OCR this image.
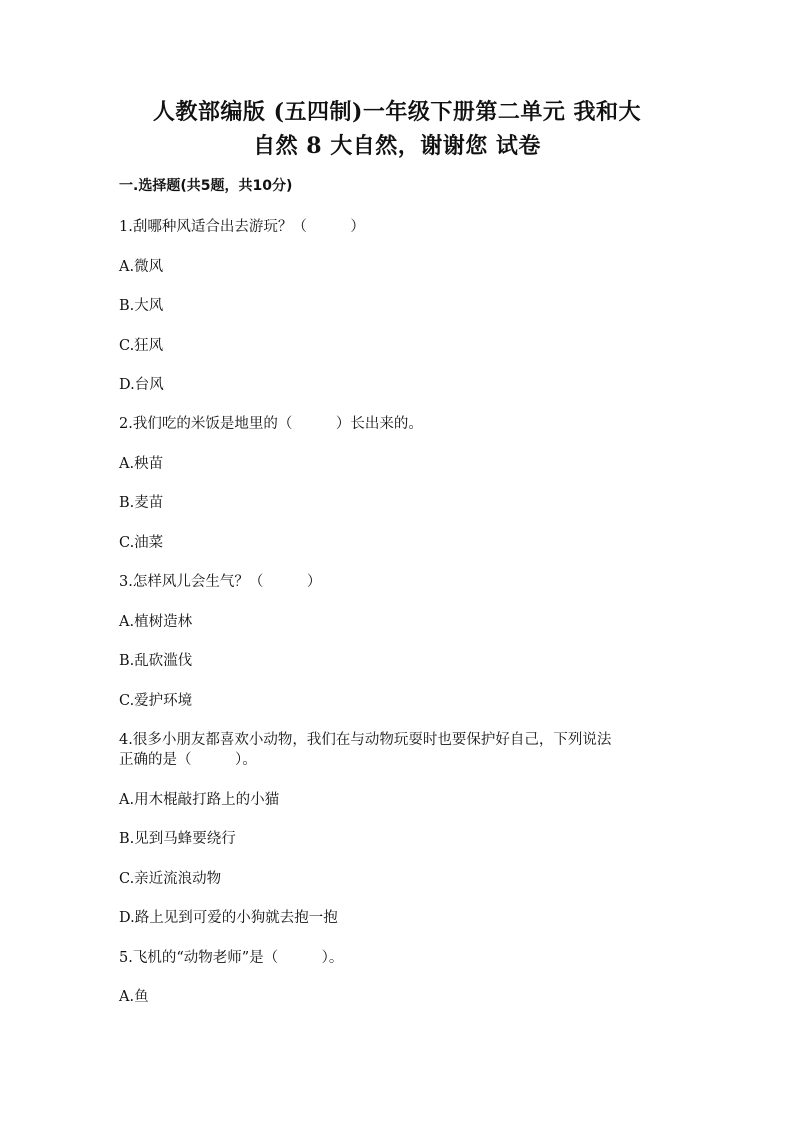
人教部编版 (五四制)一年级下册第二单元 我和大
自然 8 大自然，谢谢您 试卷
一.选择题(共5题，共10分)
1.刮哪种风适合出去游玩？（　　　）
A.微风
B.大风
C.狂风
D.台风
2.我们吃的米饭是地里的（　　　）长出来的。
A.秧苗
B.麦苗
C.油菜
3.怎样风儿会生气？（　　　）
A.植树造林
B.乱砍滥伐
C.爱护环境
4.很多小朋友都喜欢小动物，我们在与动物玩耍时也要保护好自己，下列说法
正确的是（　　　）。
A.用木棍敲打路上的小猫
B.见到马蜂要绕行
C.亲近流浪动物
D.路上见到可爱的小狗就去抱一抱
5.飞机的“动物老师”是（　　　）。
A.鱼
